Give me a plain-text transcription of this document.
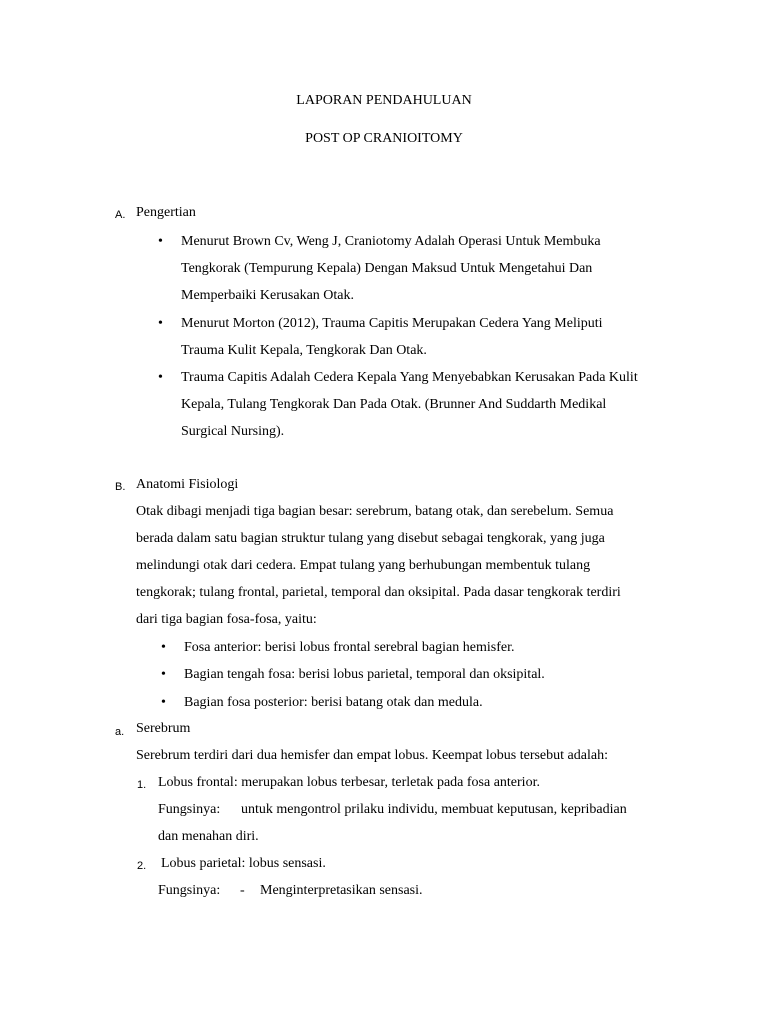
LAPORAN PENDAHULUAN
POST OP CRANIOITOMY
A. Pengertian
• Menurut Brown Cv, Weng J, Craniotomy Adalah Operasi Untuk Membuka
Tengkorak (Tempurung Kepala) Dengan Maksud Untuk Mengetahui Dan
Memperbaiki Kerusakan Otak.
• Menurut Morton (2012), Trauma Capitis Merupakan Cedera Yang Meliputi
Trauma Kulit Kepala, Tengkorak Dan Otak.
• Trauma Capitis Adalah Cedera Kepala Yang Menyebabkan Kerusakan Pada Kulit
Kepala, Tulang Tengkorak Dan Pada Otak. (Brunner And Suddarth Medikal
Surgical Nursing).
B. Anatomi Fisiologi
Otak dibagi menjadi tiga bagian besar: serebrum, batang otak, dan serebelum. Semua
berada dalam satu bagian struktur tulang yang disebut sebagai tengkorak, yang juga
melindungi otak dari cedera. Empat tulang yang berhubungan membentuk tulang
tengkorak; tulang frontal, parietal, temporal dan oksipital. Pada dasar tengkorak terdiri
dari tiga bagian fosa-fosa, yaitu:
• Fosa anterior: berisi lobus frontal serebral bagian hemisfer.
• Bagian tengah fosa: berisi lobus parietal, temporal dan oksipital.
• Bagian fosa posterior: berisi batang otak dan medula.
a. Serebrum
Serebrum terdiri dari dua hemisfer dan empat lobus. Keempat lobus tersebut adalah:
1. Lobus frontal: merupakan lobus terbesar, terletak pada fosa anterior.
Fungsinya: untuk mengontrol prilaku individu, membuat keputusan, kepribadian
dan menahan diri.
2. Lobus parietal: lobus sensasi.
Fungsinya: - Menginterpretasikan sensasi.
